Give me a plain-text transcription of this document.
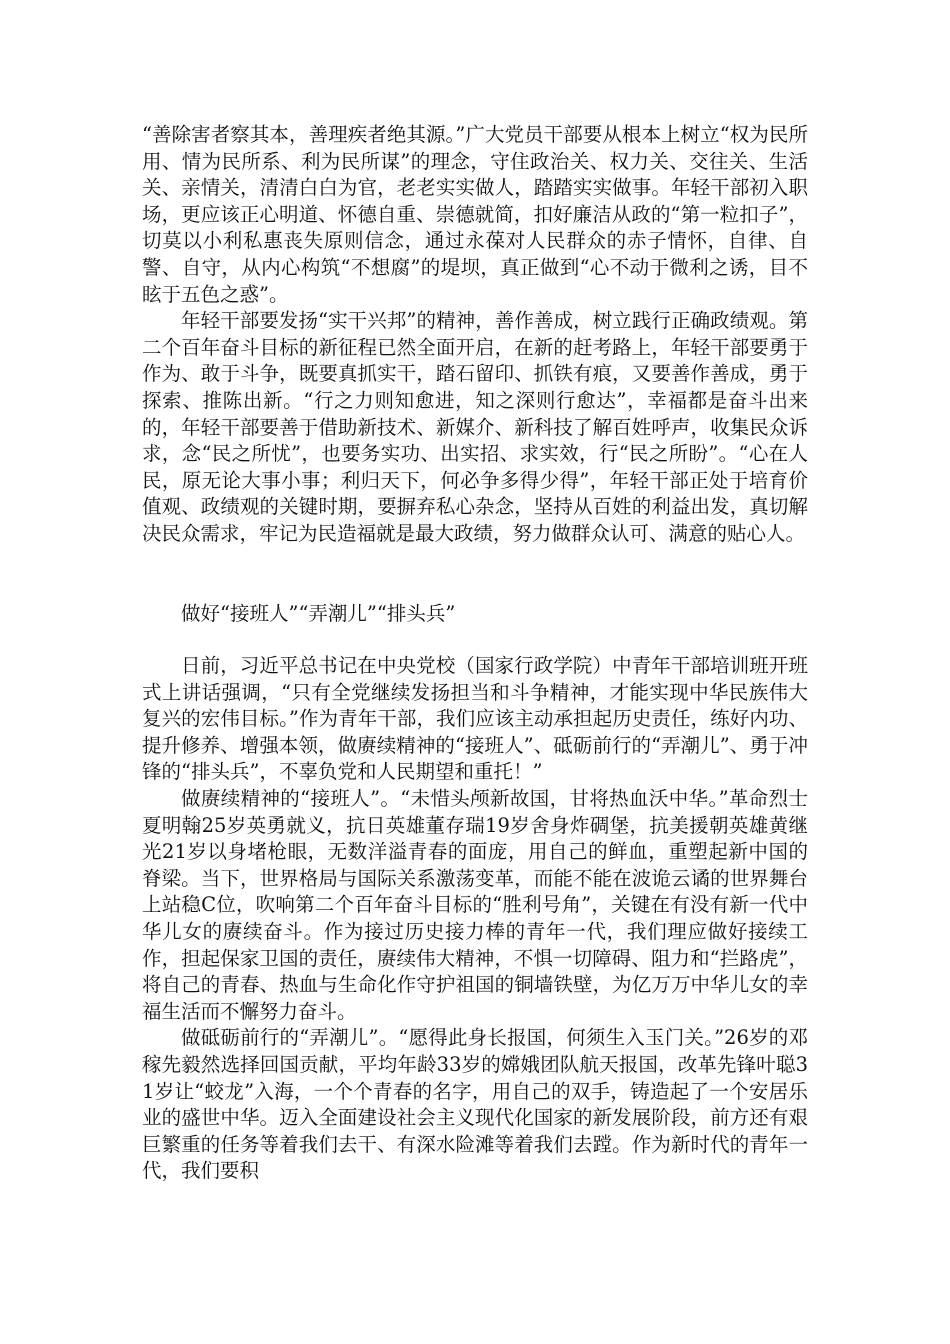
“善除害者察其本，善理疾者绝其源。”广大党员干部要从根本上树立“权为民所用、情为民所系、利为民所谋”的理念，守住政治关、权力关、交往关、生活关、亲情关，清清白白为官，老老实实做人，踏踏实实做事。年轻干部初入职场，更应该正心明道、怀德自重、崇德就简，扣好廉洁从政的“第一粒扣子”，切莫以小利私惠丧失原则信念，通过永葆对人民群众的赤子情怀，自律、自警、自守，从内心构筑“不想腐”的堤坝，真正做到“心不动于微利之诱，目不眩于五色之惑”。

年轻干部要发扬“实干兴邦”的精神，善作善成，树立践行正确政绩观。第二个百年奋斗目标的新征程已然全面开启，在新的赶考路上，年轻干部要勇于作为、敢于斗争，既要真抓实干，踏石留印、抓铁有痕，又要善作善成，勇于探索、推陈出新。“行之力则知愈进，知之深则行愈达”，幸福都是奋斗出来的，年轻干部要善于借助新技术、新媒介、新科技了解百姓呼声，收集民众诉求，念“民之所忧”，也要务实功、出实招、求实效，行“民之所盼”。“心在人民，原无论大事小事；利归天下，何必争多得少得”，年轻干部正处于培育价值观、政绩观的关键时期，要摒弃私心杂念，坚持从百姓的利益出发，真切解决民众需求，牢记为民造福就是最大政绩，努力做群众认可、满意的贴心人。

做好“接班人”“弄潮儿”“排头兵”

日前，习近平总书记在中央党校（国家行政学院）中青年干部培训班开班式上讲话强调，“只有全党继续发扬担当和斗争精神，才能实现中华民族伟大复兴的宏伟目标。”作为青年干部，我们应该主动承担起历史责任，练好内功、提升修养、增强本领，做赓续精神的“接班人”、砥砺前行的“弄潮儿”、勇于冲锋的“排头兵”，不辜负党和人民期望和重托！”

做赓续精神的“接班人”。“未惜头颅新故国，甘将热血沃中华。”革命烈士夏明翰25岁英勇就义，抗日英雄董存瑞19岁舍身炸碉堡，抗美援朝英雄黄继光21岁以身堵枪眼，无数洋溢青春的面庞，用自己的鲜血，重塑起新中国的脊梁。当下，世界格局与国际关系激荡变革，而能不能在波诡云谲的世界舞台上站稳C位，吹响第二个百年奋斗目标的“胜利号角”，关键在有没有新一代中华儿女的赓续奋斗。作为接过历史接力棒的青年一代，我们理应做好接续工作，担起保家卫国的责任，赓续伟大精神，不惧一切障碍、阻力和“拦路虎”，将自己的青春、热血与生命化作守护祖国的铜墙铁壁，为亿万万中华儿女的幸福生活而不懈努力奋斗。

做砥砺前行的“弄潮儿”。“愿得此身长报国，何须生入玉门关。”26岁的邓稼先毅然选择回国贡献，平均年龄33岁的嫦娥团队航天报国，改革先锋叶聪31岁让“蛟龙”入海，一个个青春的名字，用自己的双手，铸造起了一个安居乐业的盛世中华。迈入全面建设社会主义现代化国家的新发展阶段，前方还有艰巨繁重的任务等着我们去干、有深水险滩等着我们去蹚。作为新时代的青年一代，我们要积
